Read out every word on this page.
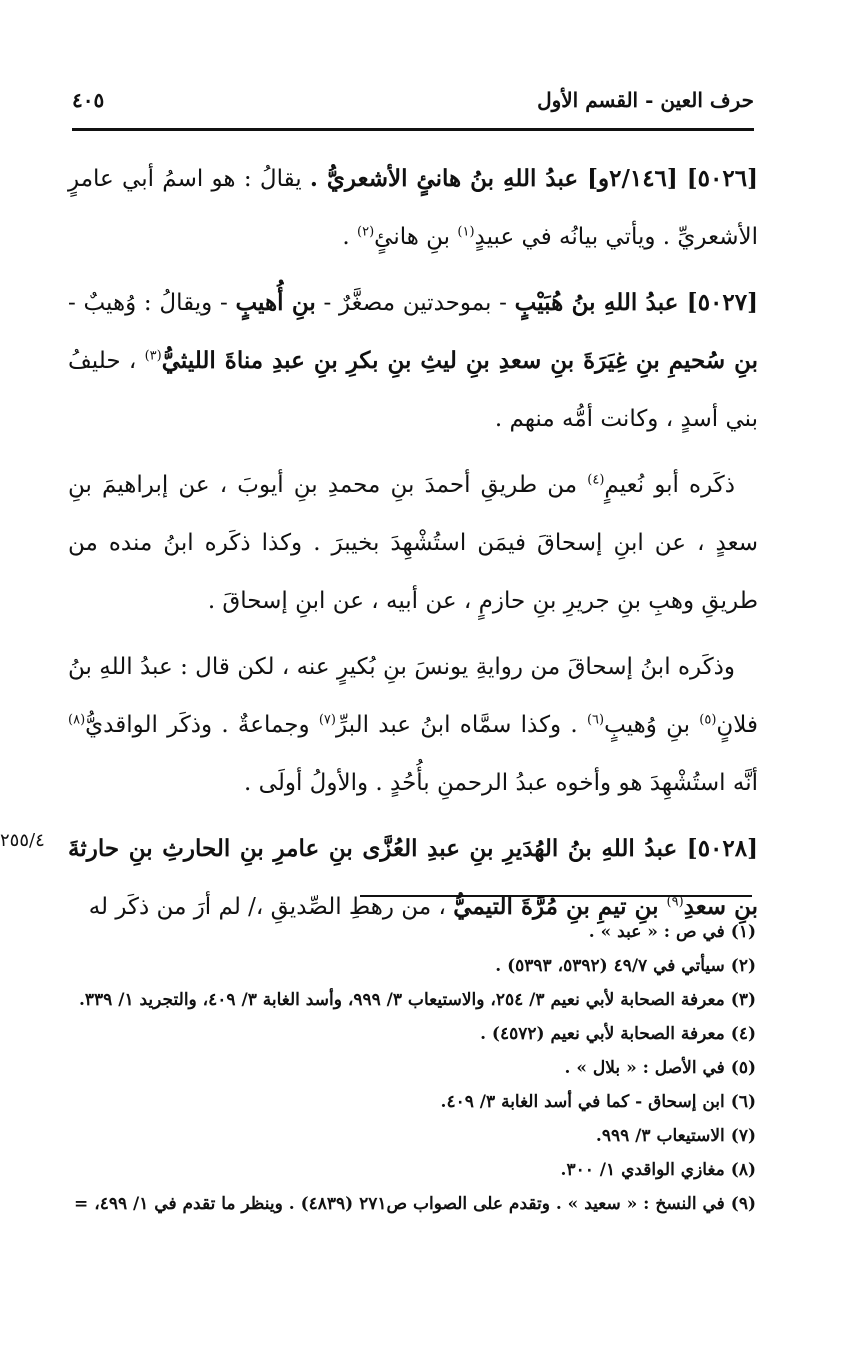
حرف العين - القسم الأول
٤٠٥

[٥٠٢٦] [٢/١٤٦و] عبدُ اللهِ بنُ هانئٍ الأشعريُّ . يقالُ : هو اسمُ أبي عامرٍ الأشعريِّ . ويأتي بيانُه في عبيدٍ$^{(١)}$ بنِ هانئٍ$^{(٢)}$ .

[٥٠٢٧] عبدُ اللهِ بنُ هُبَيْبٍ - بموحدتين مصغَّرٌ - بنِ أُهيبٍ - ويقالُ : وُهيبٌ - بنِ سُحيمِ بنِ غِيَرَةَ بنِ سعدِ بنِ ليثِ بنِ بكرِ بنِ عبدِ مناةَ الليثيُّ$^{(٣)}$ ، حليفُ بني أسدٍ ، وكانت أمُّه منهم .

 ذكَره أبو نُعيمٍ$^{(٤)}$ من طريقِ أحمدَ بنِ محمدِ بنِ أيوبَ ، عن إبراهيمَ بنِ سعدٍ ، عن ابنِ إسحاقَ فيمَن استُشْهِدَ بخيبرَ . وكذا ذكَره ابنُ منده من طريقِ وهبِ بنِ جريرِ بنِ حازمٍ ، عن أبيه ، عن ابنِ إسحاقَ .

 وذكَره ابنُ إسحاقَ من روايةِ يونسَ بنِ بُكيرٍ عنه ، لكن قال : عبدُ اللهِ بنُ فلانٍ$^{(٥)}$ بنِ وُهيبٍ$^{(٦)}$ . وكذا سمَّاه ابنُ عبد البرِّ$^{(٧)}$ وجماعةٌ . وذكَر الواقديُّ$^{(٨)}$ أنَّه استُشْهِدَ هو وأخوه عبدُ الرحمنِ بأُحُدٍ . والأولُ أولَى .

[٥٠٢٨] عبدُ اللهِ بنُ الهُدَيرِ بنِ عبدِ العُزَّى بنِ عامرِ بنِ الحارثِ بنِ حارثةَ بنِ سعدِ$^{(٩)}$ بنِ تيمِ بنِ مُرَّةَ التيميُّ ، من رهطِ الصِّديقِ ،/ لم أرَ من ذكَر له

٢٥٥/٤

(١)في ص : « عبد » .

(٢)سيأتي في ٤٩/٧ (٥٣٩٢، ٥٣٩٣) .

(٣)معرفة الصحابة لأبي نعيم ٣/ ٢٥٤، والاستيعاب ٣/ ٩٩٩، وأسد الغابة ٣/ ٤٠٩، والتجريد ١/ ٣٣٩.

(٤)معرفة الصحابة لأبي نعيم (٤٥٧٢) .

(٥)في الأصل : « بلال » .

(٦)ابن إسحاق - كما في أسد الغابة ٣/ ٤٠٩.

(٧)الاستيعاب ٣/ ٩٩٩.

(٨)مغازي الواقدي ١/ ٣٠٠.

(٩)في النسخ : « سعيد » . وتقدم على الصواب ص٢٧١ (٤٨٣٩) . وينظر ما تقدم في ١/ ٤٩٩، =
